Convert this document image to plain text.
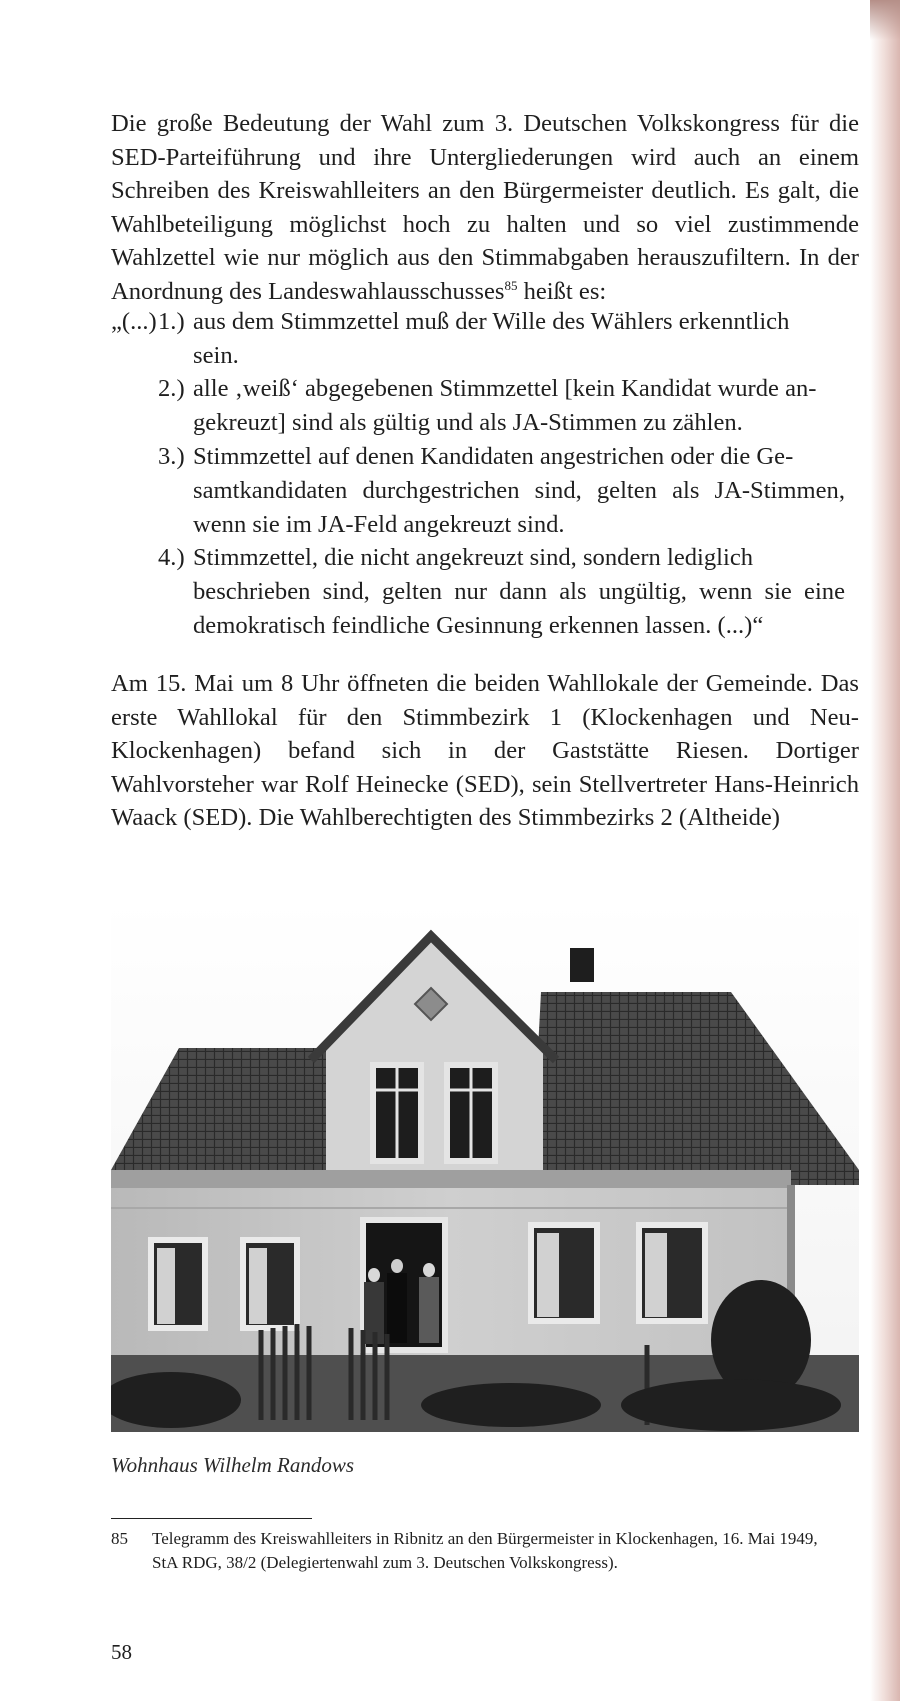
Die große Bedeutung der Wahl zum 3. Deutschen Volkskongress für die SED-Parteiführung und ihre Untergliederungen wird auch an einem Schreiben des Kreiswahlleiters an den Bürgermeister deutlich. Es galt, die Wahlbeteiligung möglichst hoch zu halten und so viel zustimmende Wahlzettel wie nur möglich aus den Stimmabgaben herauszufiltern. In der Anordnung des Landeswahlausschusses$^{85}$ heißt es:

„(...) 1.) aus dem Stimmzettel muß der Wille des Wählers erkenntlich

sein.

2.) alle ‚weiß‘ abgegebenen Stimmzettel [kein Kandidat wurde an-

gekreuzt] sind als gültig und als JA-Stimmen zu zählen.

3.) Stimmzettel auf denen Kandidaten angestrichen oder die Ge-

samtkandidaten durchgestrichen sind, gelten als JA-Stimmen, wenn sie im JA-Feld angekreuzt sind.

4.) Stimmzettel, die nicht angekreuzt sind, sondern lediglich

beschrieben sind, gelten nur dann als ungültig, wenn sie eine demokratisch feindliche Gesinnung erkennen lassen. (...)“

Am 15. Mai um 8 Uhr öffneten die beiden Wahllokale der Gemeinde. Das erste Wahllokal für den Stimmbezirk 1 (Klockenhagen und Neu-Klockenhagen) befand sich in der Gaststätte Riesen. Dortiger Wahlvorsteher war Rolf Heinecke (SED), sein Stellvertreter Hans-Heinrich Waack (SED). Die Wahlberechtigten des Stimmbezirks 2 (Altheide)

Wohnhaus Wilhelm Randows
85 Telegramm des Kreiswahlleiters in Ribnitz an den Bürgermeister in Klockenhagen, 16. Mai 1949, StA RDG, 38/2 (Delegiertenwahl zum 3. Deutschen Volkskongress).

58
